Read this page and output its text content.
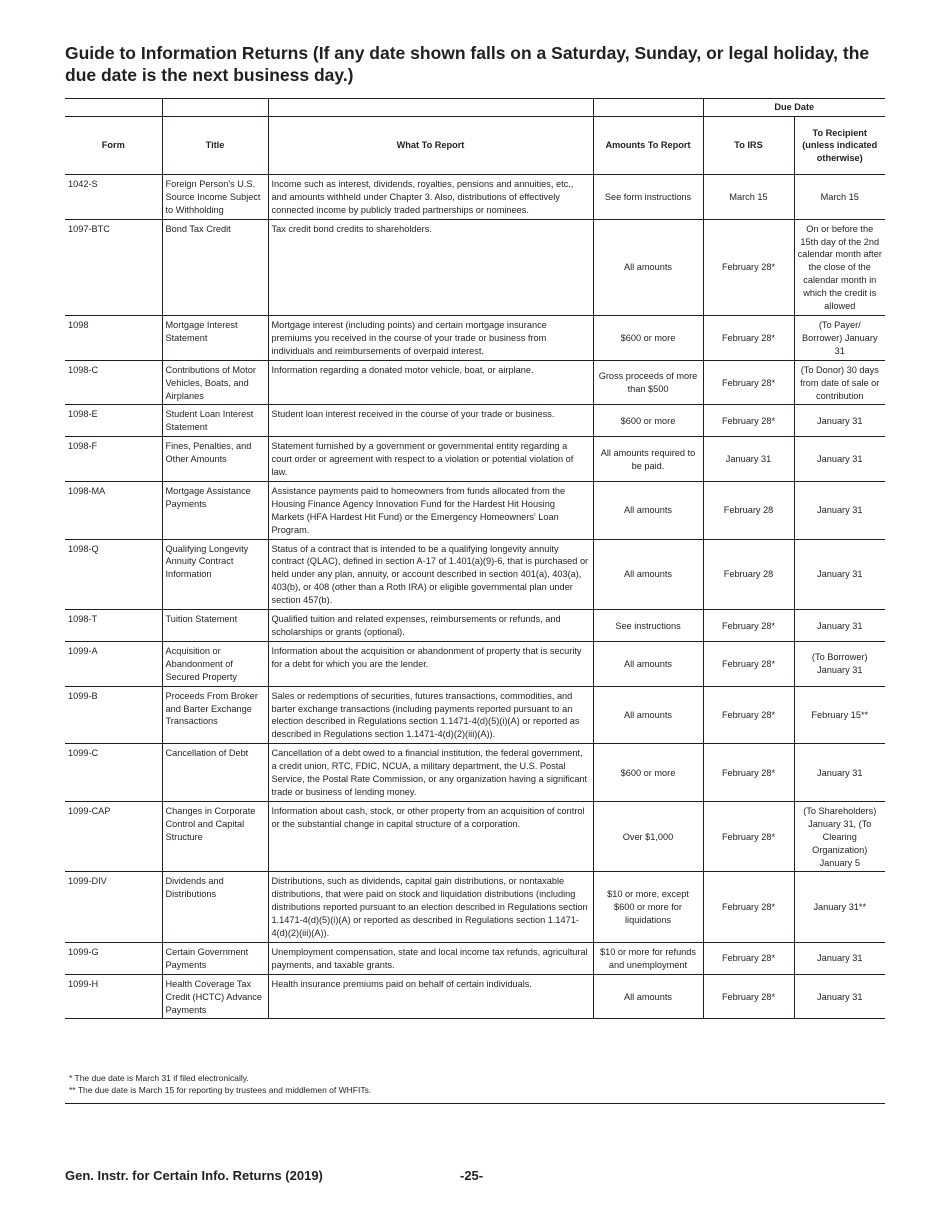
Guide to Information Returns (If any date shown falls on a Saturday, Sunday, or legal holiday, the due date is the next business day.)
				Due Date	
Form	Title	What To Report	Amounts To Report	To IRS	To Recipient (unless indicated otherwise)
1042-S	Foreign Person's U.S. Source Income Subject to Withholding	Income such as interest, dividends, royalties, pensions and annuities, etc., and amounts withheld under Chapter 3. Also, distributions of effectively connected income by publicly traded partnerships or nominees.	See form instructions	March 15	March 15
1097-BTC	Bond Tax Credit	Tax credit bond credits to shareholders.	All amounts	February 28*	On or before the 15th day of the 2nd calendar month after the close of the calendar month in which the credit is allowed
1098	Mortgage Interest Statement	Mortgage interest (including points) and certain mortgage insurance premiums you received in the course of your trade or business from individuals and reimbursements of overpaid interest.	$600 or more	February 28*	(To Payer/ Borrower) January 31
1098-C	Contributions of Motor Vehicles, Boats, and Airplanes	Information regarding a donated motor vehicle, boat, or airplane.	Gross proceeds of more than $500	February 28*	(To Donor) 30 days from date of sale or contribution
1098-E	Student Loan Interest Statement	Student loan interest received in the course of your trade or business.	$600 or more	February 28*	January 31
1098-F	Fines, Penalties, and Other Amounts	Statement furnished by a government or governmental entity regarding a court order or agreement with respect to a violation or potential violation of law.	All amounts required to be paid.	January 31	January 31
1098-MA	Mortgage Assistance Payments	Assistance payments paid to homeowners from funds allocated from the Housing Finance Agency Innovation Fund for the Hardest Hit Housing Markets (HFA Hardest Hit Fund) or the Emergency Homeowners' Loan Program.	All amounts	February 28	January 31
1098-Q	Qualifying Longevity Annuity Contract Information	Status of a contract that is intended to be a qualifying longevity annuity contract (QLAC), defined in section A-17 of 1.401(a)(9)-6, that is purchased or held under any plan, annuity, or account described in section 401(a), 403(a), 403(b), or 408 (other than a Roth IRA) or eligible governmental plan under section 457(b).	All amounts	February 28	January 31
1098-T	Tuition Statement	Qualified tuition and related expenses, reimbursements or refunds, and scholarships or grants (optional).	See instructions	February 28*	January 31
1099-A	Acquisition or Abandonment of Secured Property	Information about the acquisition or abandonment of property that is security for a debt for which you are the lender.	All amounts	February 28*	(To Borrower) January 31
1099-B	Proceeds From Broker and Barter Exchange Transactions	Sales or redemptions of securities, futures transactions, commodities, and barter exchange transactions (including payments reported pursuant to an election described in Regulations section 1.1471-4(d)(5)(i)(A) or reported as described in Regulations section 1.1471-4(d)(2)(iii)(A)).	All amounts	February 28*	February 15**
1099-C	Cancellation of Debt	Cancellation of a debt owed to a financial institution, the federal government, a credit union, RTC, FDIC, NCUA, a military department, the U.S. Postal Service, the Postal Rate Commission, or any organization having a significant trade or business of lending money.	$600 or more	February 28*	January 31
1099-CAP	Changes in Corporate Control and Capital Structure	Information about cash, stock, or other property from an acquisition of control or the substantial change in capital structure of a corporation.	Over $1,000	February 28*	(To Shareholders) January 31, (To Clearing Organization) January 5
1099-DIV	Dividends and Distributions	Distributions, such as dividends, capital gain distributions, or nontaxable distributions, that were paid on stock and liquidation distributions (including distributions reported pursuant to an election described in Regulations section 1.1471-4(d)(5)(i)(A) or reported as described in Regulations section 1.1471-4(d)(2)(iii)(A)).	$10 or more, except $600 or more for liquidations	February 28*	January 31**
1099-G	Certain Government Payments	Unemployment compensation, state and local income tax refunds, agricultural payments, and taxable grants.	$10 or more for refunds and unemployment	February 28*	January 31
1099-H	Health Coverage Tax Credit (HCTC) Advance Payments	Health insurance premiums paid on behalf of certain individuals.	All amounts	February 28*	January 31

* The due date is March 31 if filed electronically.

** The due date is March 15 for reporting by trustees and middlemen of WHFITs.

Gen. Instr. for Certain Info. Returns (2019)	-25-
